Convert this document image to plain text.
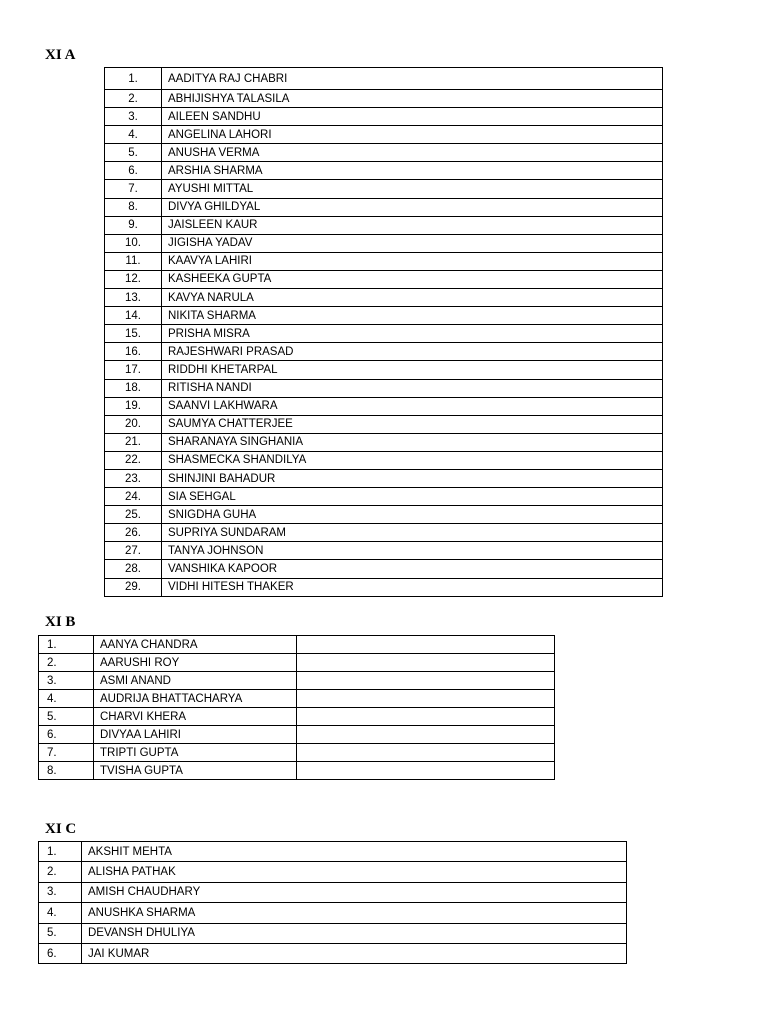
XI A
1.	AADITYA RAJ CHABRI
2.	ABHIJISHYA TALASILA
3.	AILEEN SANDHU
4.	ANGELINA LAHORI
5.	ANUSHA VERMA
6.	ARSHIA SHARMA
7.	AYUSHI MITTAL
8.	DIVYA GHILDYAL
9.	JAISLEEN KAUR
10.	JIGISHA YADAV
11.	KAAVYA LAHIRI
12.	KASHEEKA GUPTA
13.	KAVYA NARULA
14.	NIKITA SHARMA
15.	PRISHA MISRA
16.	RAJESHWARI PRASAD
17.	RIDDHI KHETARPAL
18.	RITISHA NANDI
19.	SAANVI LAKHWARA
20.	SAUMYA CHATTERJEE
21.	SHARANAYA SINGHANIA
22.	SHASMECKA SHANDILYA
23.	SHINJINI BAHADUR
24.	SIA SEHGAL
25.	SNIGDHA GUHA
26.	SUPRIYA SUNDARAM
27.	TANYA JOHNSON
28.	VANSHIKA KAPOOR
29.	VIDHI HITESH THAKER
XI B
1.	AANYA CHANDRA	
2.	AARUSHI ROY	
3.	ASMI ANAND	
4.	AUDRIJA BHATTACHARYA	
5.	CHARVI KHERA	
6.	DIVYAA LAHIRI	
7.	TRIPTI GUPTA	
8.	TVISHA GUPTA	
XI C
1.	AKSHIT MEHTA
2.	ALISHA PATHAK
3.	AMISH CHAUDHARY
4.	ANUSHKA SHARMA
5.	DEVANSH DHULIYA
6.	JAI KUMAR
